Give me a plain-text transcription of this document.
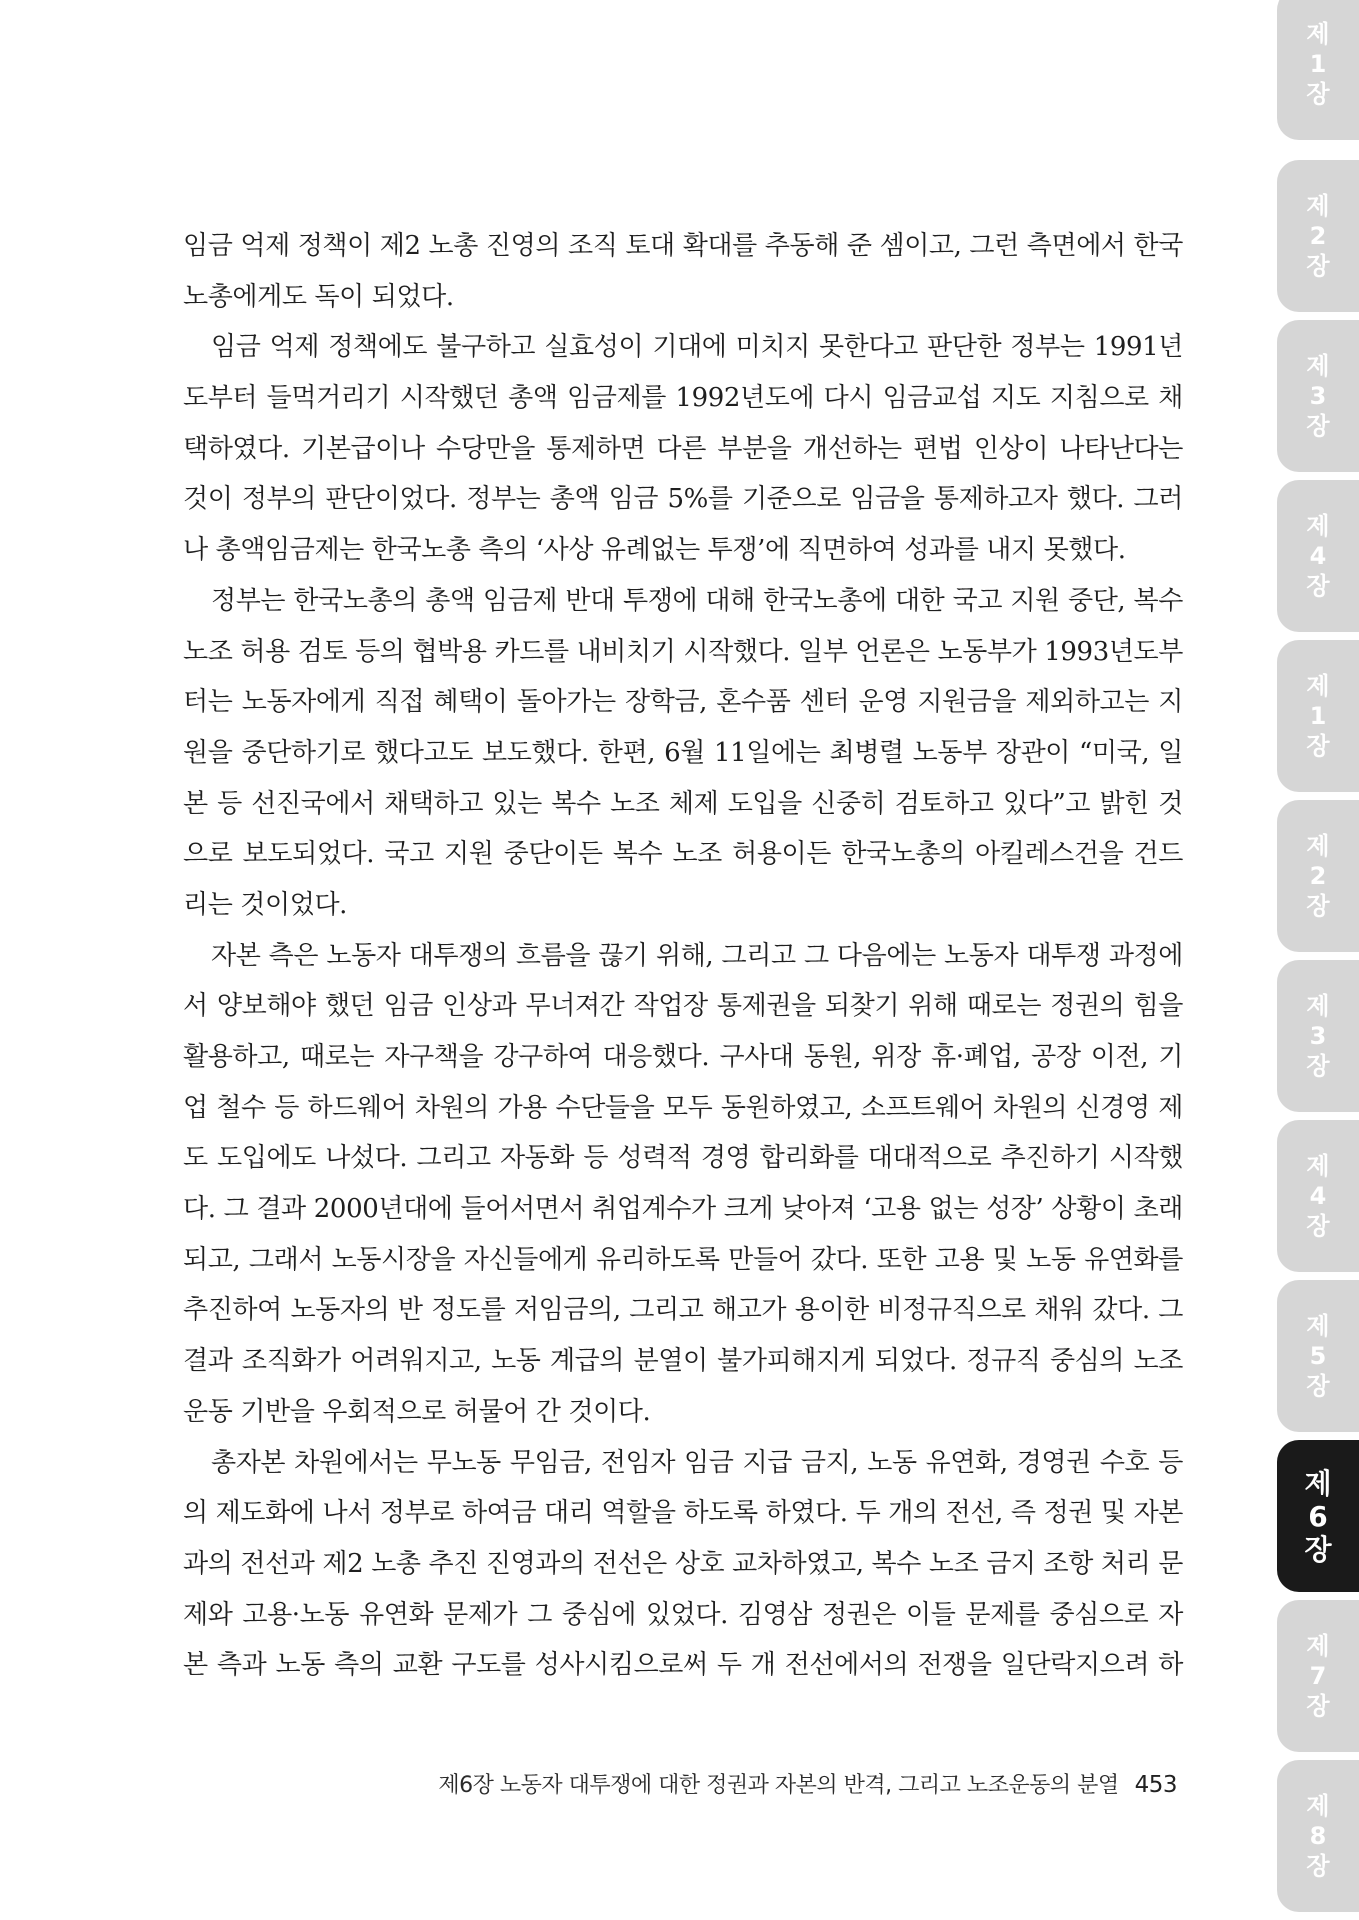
임금 억제 정책이 제2 노총 진영의 조직 토대 확대를 추동해 준 셈이고, 그런 측면에서 한국
노총에게도 독이 되었다.
임금 억제 정책에도 불구하고 실효성이 기대에 미치지 못한다고 판단한 정부는 1991년
도부터 들먹거리기 시작했던 총액 임금제를 1992년도에 다시 임금교섭 지도 지침으로 채
택하였다. 기본급이나 수당만을 통제하면 다른 부분을 개선하는 편법 인상이 나타난다는
것이 정부의 판단이었다. 정부는 총액 임금 5%를 기준으로 임금을 통제하고자 했다. 그러
나 총액임금제는 한국노총 측의 ‘사상 유례없는 투쟁’에 직면하여 성과를 내지 못했다.
정부는 한국노총의 총액 임금제 반대 투쟁에 대해 한국노총에 대한 국고 지원 중단, 복수
노조 허용 검토 등의 협박용 카드를 내비치기 시작했다. 일부 언론은 노동부가 1993년도부
터는 노동자에게 직접 혜택이 돌아가는 장학금, 혼수품 센터 운영 지원금을 제외하고는 지
원을 중단하기로 했다고도 보도했다. 한편, 6월 11일에는 최병렬 노동부 장관이 “미국, 일
본 등 선진국에서 채택하고 있는 복수 노조 체제 도입을 신중히 검토하고 있다”고 밝힌 것
으로 보도되었다. 국고 지원 중단이든 복수 노조 허용이든 한국노총의 아킬레스건을 건드
리는 것이었다.
자본 측은 노동자 대투쟁의 흐름을 끊기 위해, 그리고 그 다음에는 노동자 대투쟁 과정에
서 양보해야 했던 임금 인상과 무너져간 작업장 통제권을 되찾기 위해 때로는 정권의 힘을
활용하고, 때로는 자구책을 강구하여 대응했다. 구사대 동원, 위장 휴·폐업, 공장 이전, 기
업 철수 등 하드웨어 차원의 가용 수단들을 모두 동원하였고, 소프트웨어 차원의 신경영 제
도 도입에도 나섰다. 그리고 자동화 등 성력적 경영 합리화를 대대적으로 추진하기 시작했
다. 그 결과 2000년대에 들어서면서 취업계수가 크게 낮아져 ‘고용 없는 성장’ 상황이 초래
되고, 그래서 노동시장을 자신들에게 유리하도록 만들어 갔다. 또한 고용 및 노동 유연화를
추진하여 노동자의 반 정도를 저임금의, 그리고 해고가 용이한 비정규직으로 채워 갔다. 그
결과 조직화가 어려워지고, 노동 계급의 분열이 불가피해지게 되었다. 정규직 중심의 노조
운동 기반을 우회적으로 허물어 간 것이다.
총자본 차원에서는 무노동 무임금, 전임자 임금 지급 금지, 노동 유연화, 경영권 수호 등
의 제도화에 나서 정부로 하여금 대리 역할을 하도록 하였다. 두 개의 전선, 즉 정권 및 자본
과의 전선과 제2 노총 추진 진영과의 전선은 상호 교차하였고, 복수 노조 금지 조항 처리 문
제와 고용·노동 유연화 문제가 그 중심에 있었다. 김영삼 정권은 이들 문제를 중심으로 자
본 측과 노동 측의 교환 구도를 성사시킴으로써 두 개 전선에서의 전쟁을 일단락지으려 하
제6장 노동자 대투쟁에 대한 정권과 자본의 반격, 그리고 노조운동의 분열 453
제
1
장
제
2
장
제
3
장
제
4
장
제
1
장
제
2
장
제
3
장
제
4
장
제
5
장
제
6
장
제
7
장
제
8
장
